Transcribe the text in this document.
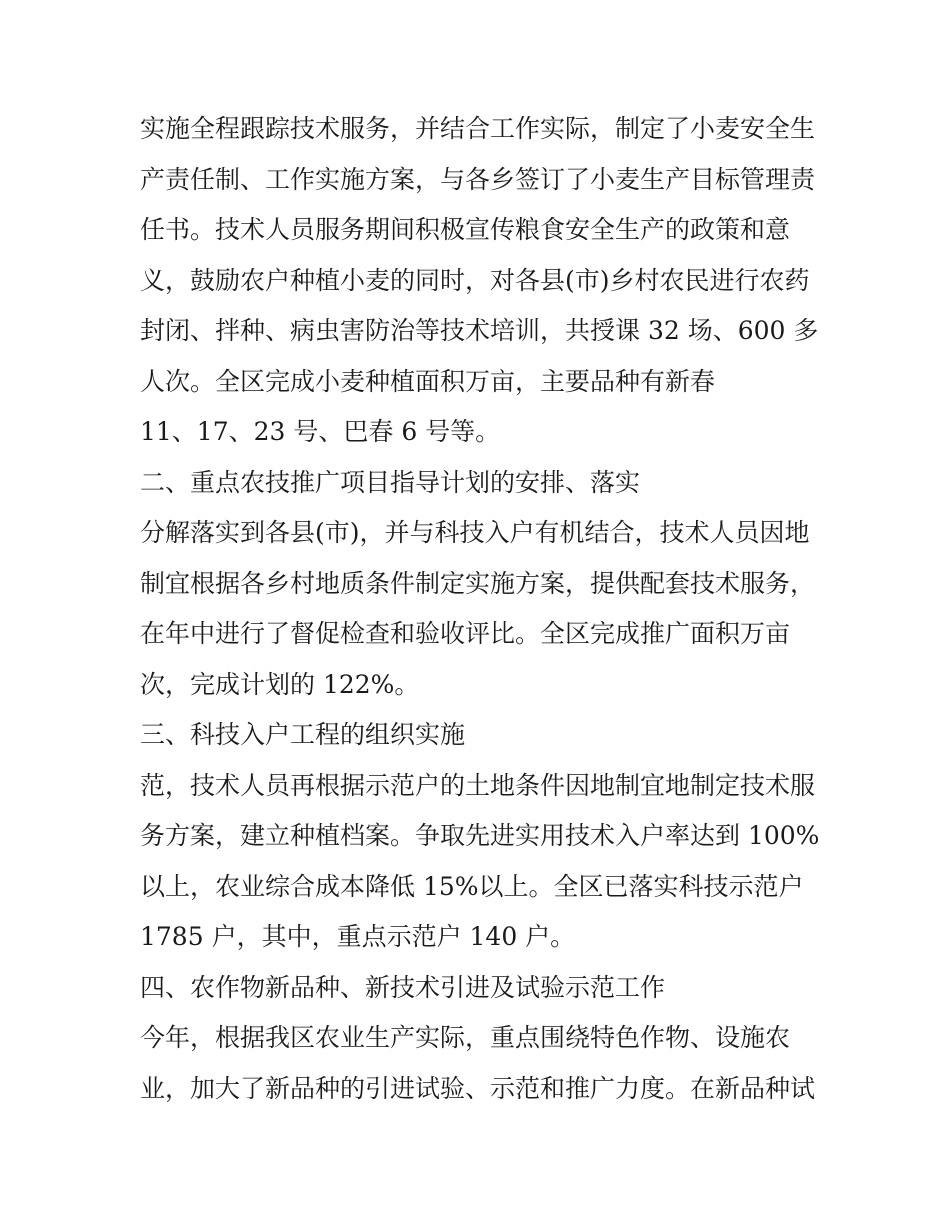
实施全程跟踪技术服务，并结合工作实际，制定了小麦安全生

产责任制、工作实施方案，与各乡签订了小麦生产目标管理责

任书。技术人员服务期间积极宣传粮食安全生产的政策和意

义，鼓励农户种植小麦的同时，对各县(市)乡村农民进行农药

封闭、拌种、病虫害防治等技术培训，共授课 32 场、600 多

人次。全区完成小麦种植面积万亩，主要品种有新春

11、17、23 号、巴春 6 号等。

二、重点农技推广项目指导计划的安排、落实

分解落实到各县(市)，并与科技入户有机结合，技术人员因地

制宜根据各乡村地质条件制定实施方案，提供配套技术服务，

在年中进行了督促检查和验收评比。全区完成推广面积万亩

次，完成计划的 122%。

三、科技入户工程的组织实施

范，技术人员再根据示范户的土地条件因地制宜地制定技术服

务方案，建立种植档案。争取先进实用技术入户率达到 100%

以上，农业综合成本降低 15%以上。全区已落实科技示范户

1785 户，其中，重点示范户 140 户。

四、农作物新品种、新技术引进及试验示范工作

今年，根据我区农业生产实际，重点围绕特色作物、设施农

业，加大了新品种的引进试验、示范和推广力度。在新品种试
